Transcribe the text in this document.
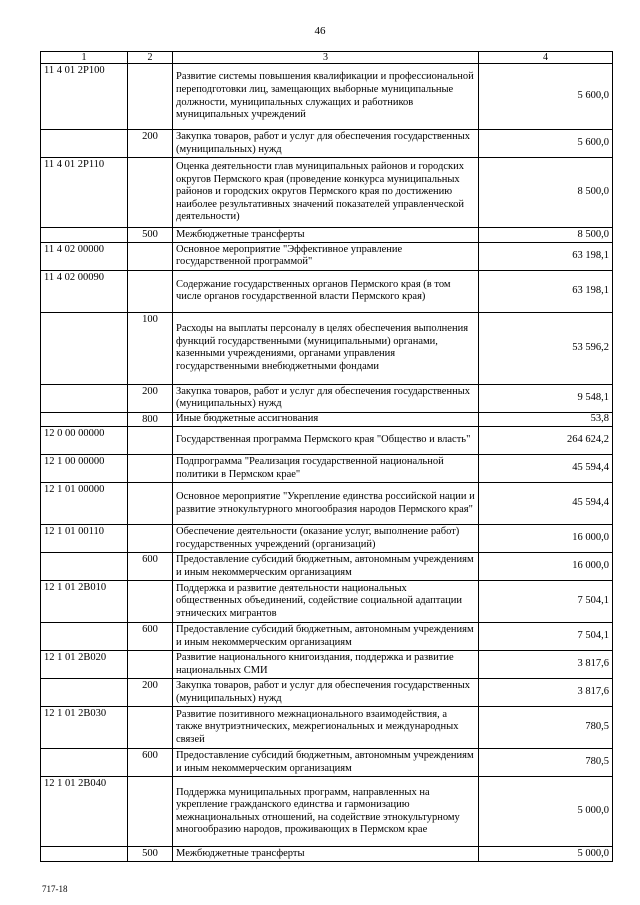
46
1	2	3	4
11 4 01 2P100		Развитие системы повышения квалификации и профессиональной переподготовки лиц, замещающих выборные муниципальные должности, муниципальных служащих и работников муниципальных учреждений	5 600,0
	200	Закупка товаров, работ и услуг для обеспечения государственных (муниципальных) нужд	5 600,0
11 4 01 2P110		Оценка деятельности глав муниципальных районов и городских округов Пермского края (проведение конкурса муниципальных районов и городских округов Пермского края по достижению наиболее результативных значений показателей управленческой деятельности)	8 500,0
	500	Межбюджетные трансферты	8 500,0
11 4 02 00000		Основное мероприятие "Эффективное управление государственной программой"	63 198,1
11 4 02 00090		Содержание государственных органов Пермского края (в том числе органов государственной власти Пермского края)	63 198,1
	100	Расходы на выплаты персоналу в целях обеспечения выполнения функций государственными (муниципальными) органами, казенными учреждениями, органами управления государственными внебюджетными фондами	53 596,2
	200	Закупка товаров, работ и услуг для обеспечения государственных (муниципальных) нужд	9 548,1
	800	Иные бюджетные ассигнования	53,8
12 0 00 00000		Государственная программа Пермского края "Общество и власть"	264 624,2
12 1 00 00000		Подпрограмма "Реализация государственной национальной политики в Пермском крае"	45 594,4
12 1 01 00000		Основное мероприятие "Укрепление единства российской нации и развитие этнокультурного многообразия народов Пермского края"	45 594,4
12 1 01 00110		Обеспечение деятельности (оказание услуг, выполнение работ) государственных учреждений (организаций)	16 000,0
	600	Предоставление субсидий бюджетным, автономным учреждениям и иным некоммерческим организациям	16 000,0
12 1 01 2B010		Поддержка и развитие деятельности национальных общественных объединений, содействие социальной адаптации этнических мигрантов	7 504,1
	600	Предоставление субсидий бюджетным, автономным учреждениям и иным некоммерческим организациям	7 504,1
12 1 01 2B020		Развитие национального книгоиздания, поддержка и развитие национальных СМИ	3 817,6
	200	Закупка товаров, работ и услуг для обеспечения государственных (муниципальных) нужд	3 817,6
12 1 01 2B030		Развитие позитивного межнационального взаимодействия, а также внутриэтнических, межрегиональных и международных связей	780,5
	600	Предоставление субсидий бюджетным, автономным учреждениям и иным некоммерческим организациям	780,5
12 1 01 2B040		Поддержка муниципальных программ, направленных на укрепление гражданского единства и гармонизацию межнациональных отношений, на содействие этнокультурному многообразию народов, проживающих в Пермском крае	5 000,0
	500	Межбюджетные трансферты	5 000,0
717-18
